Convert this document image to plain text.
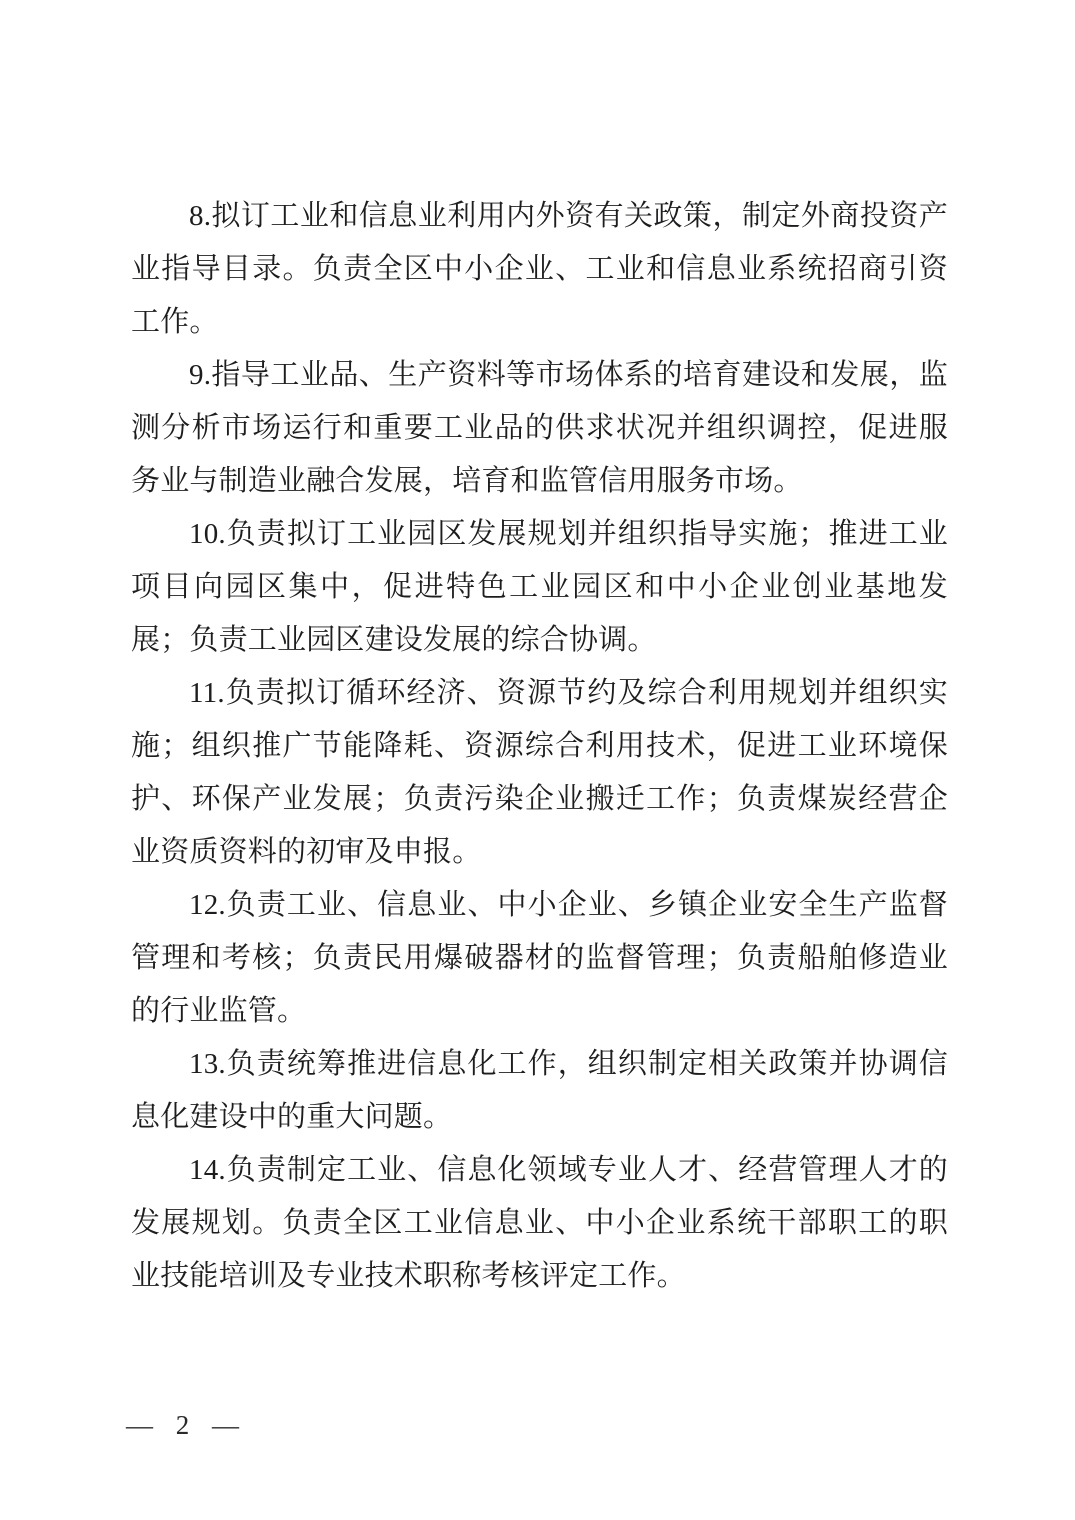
8.拟订工业和信息业利用内外资有关政策，制定外商投资产业指导目录。负责全区中小企业、工业和信息业系统招商引资工作。

9.指导工业品、生产资料等市场体系的培育建设和发展，监测分析市场运行和重要工业品的供求状况并组织调控，促进服务业与制造业融合发展，培育和监管信用服务市场。

10.负责拟订工业园区发展规划并组织指导实施；推进工业项目向园区集中，促进特色工业园区和中小企业创业基地发展；负责工业园区建设发展的综合协调。

11.负责拟订循环经济、资源节约及综合利用规划并组织实施；组织推广节能降耗、资源综合利用技术，促进工业环境保护、环保产业发展；负责污染企业搬迁工作；负责煤炭经营企业资质资料的初审及申报。

12.负责工业、信息业、中小企业、乡镇企业安全生产监督管理和考核；负责民用爆破器材的监督管理；负责船舶修造业的行业监管。

13.负责统筹推进信息化工作，组织制定相关政策并协调信息化建设中的重大问题。

14.负责制定工业、信息化领域专业人才、经营管理人才的发展规划。负责全区工业信息业、中小企业系统干部职工的职业技能培训及专业技术职称考核评定工作。

— 2 —
